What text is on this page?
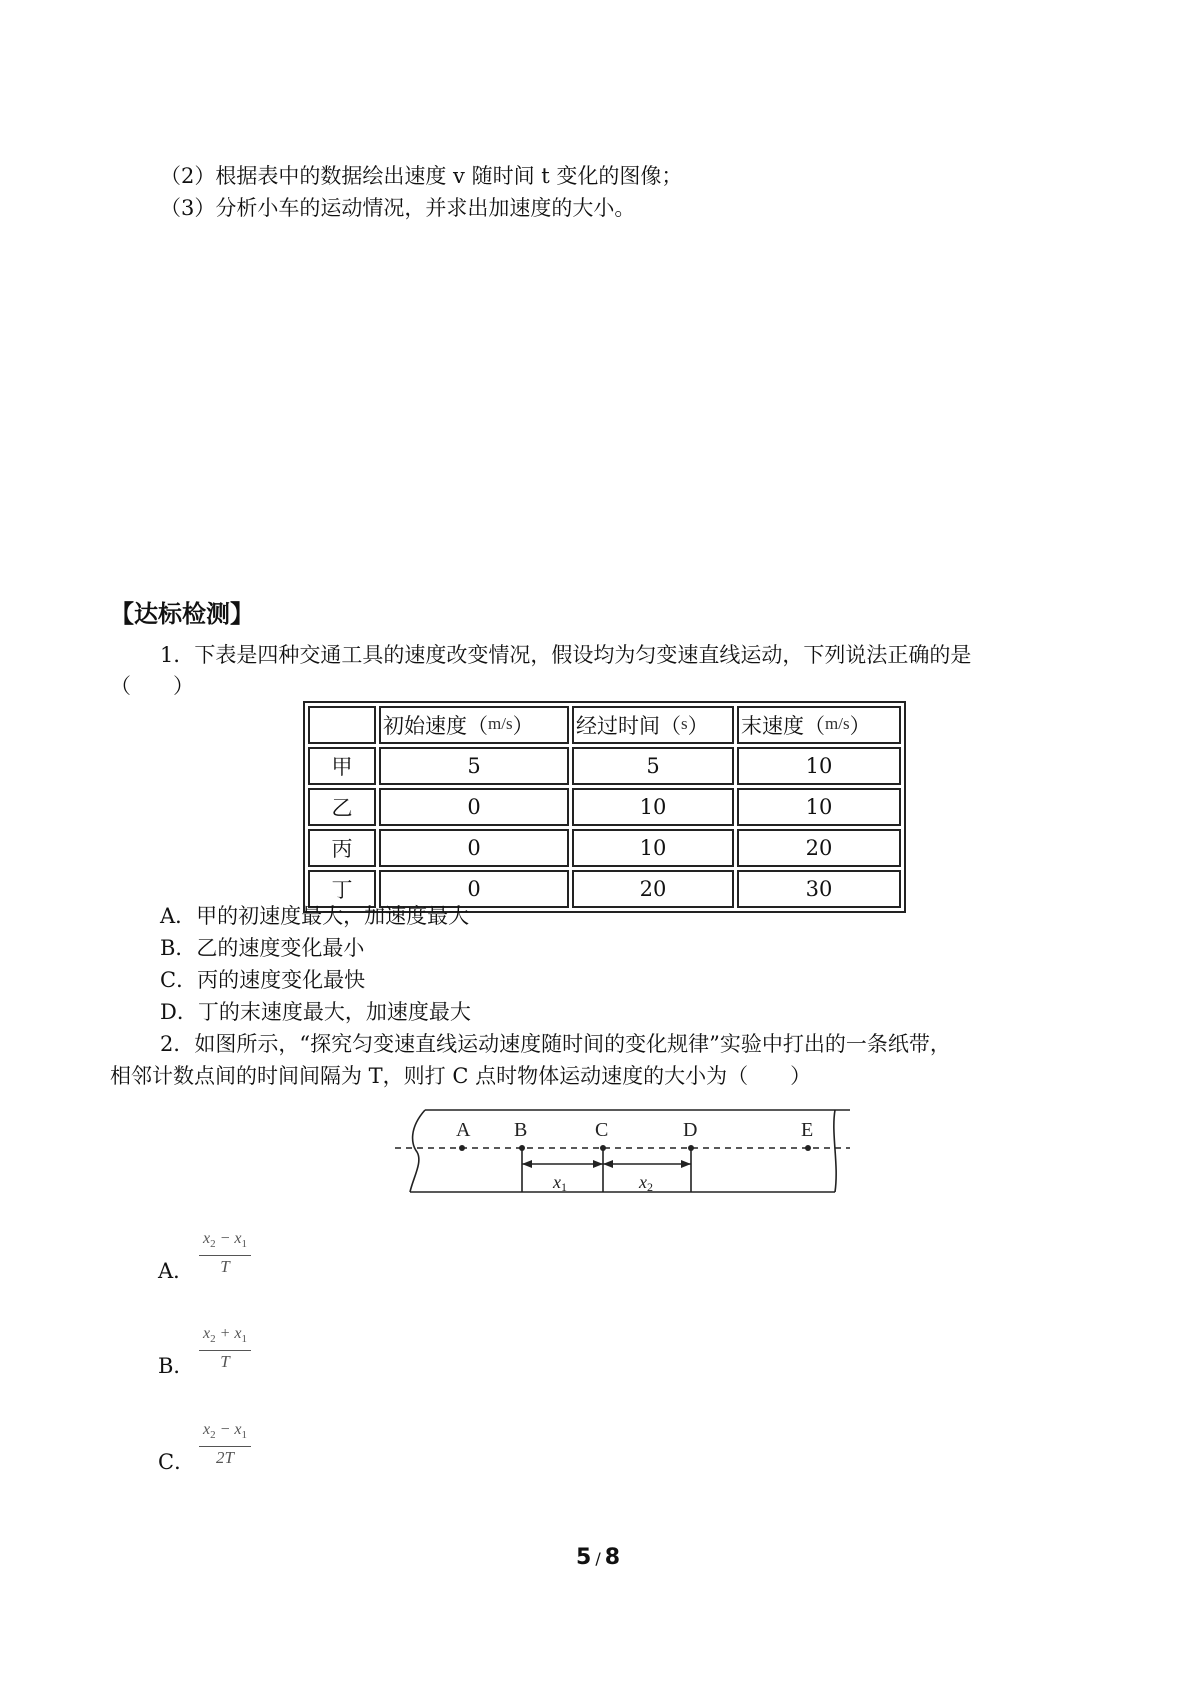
（2）根据表中的数据绘出速度 v 随时间 t 变化的图像；
（3）分析小车的运动情况，并求出加速度的大小。
【达标检测】
1．下表是四种交通工具的速度改变情况，假设均为匀变速直线运动，下列说法正确的是
（　　）
	初始速度（m/s）	经过时间（s）	末速度（m/s）
甲	5	5	10
乙	0	10	10
丙	0	10	20
丁	0	20	30
A．甲的初速度最大，加速度最大
B．乙的速度变化最小
C．丙的速度变化最快
D．丁的末速度最大，加速度最大
2．如图所示，“探究匀变速直线运动速度随时间的变化规律”实验中打出的一条纸带，
相邻计数点间的时间间隔为 T，则打 C 点时物体运动速度的大小为（　　）
A B	C	D	E
x1	x2
A． $\frac{x_2 - x_1}{T}$
B． $\frac{x_2 + x_1}{T}$
C． $\frac{x_2 - x_1}{2T}$
5 / 8
